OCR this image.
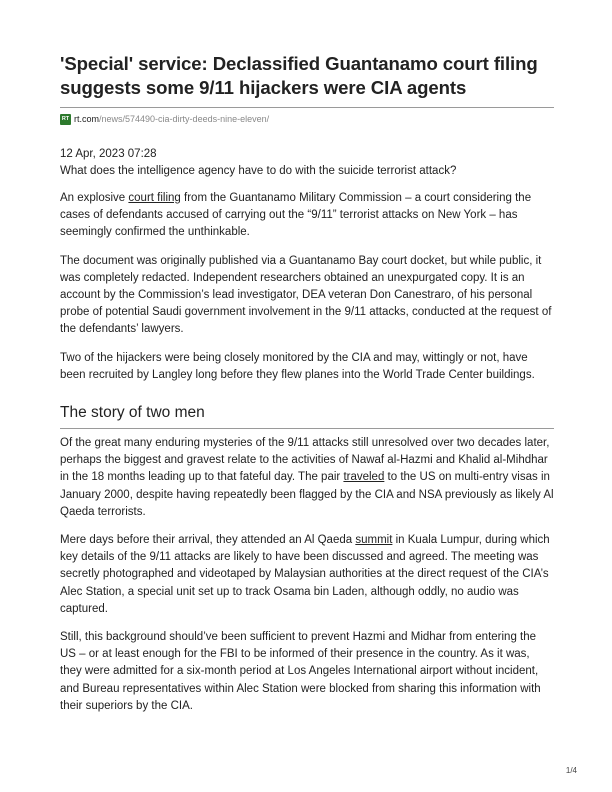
'Special' service: Declassified Guantanamo court filing suggests some 9/11 hijackers were CIA agents
RT rt.com /news/574490-cia-dirty-deeds-nine-eleven/
12 Apr, 2023 07:28
What does the intelligence agency have to do with the suicide terrorist attack?

An explosive court filing from the Guantanamo Military Commission – a court considering the cases of defendants accused of carrying out the “9/11” terrorist attacks on New York – has seemingly confirmed the unthinkable.

The document was originally published via a Guantanamo Bay court docket, but while public, it was completely redacted. Independent researchers obtained an unexpurgated copy. It is an account by the Commission’s lead investigator, DEA veteran Don Canestraro, of his personal probe of potential Saudi government involvement in the 9/11 attacks, conducted at the request of the defendants’ lawyers.

Two of the hijackers were being closely monitored by the CIA and may, wittingly or not, have been recruited by Langley long before they flew planes into the World Trade Center buildings.

The story of two men

Of the great many enduring mysteries of the 9/11 attacks still unresolved over two decades later, perhaps the biggest and gravest relate to the activities of Nawaf al-Hazmi and Khalid al-Mihdhar in the 18 months leading up to that fateful day. The pair traveled to the US on multi-entry visas in January 2000, despite having repeatedly been flagged by the CIA and NSA previously as likely Al Qaeda terrorists.

Mere days before their arrival, they attended an Al Qaeda summit in Kuala Lumpur, during which key details of the 9/11 attacks are likely to have been discussed and agreed. The meeting was secretly photographed and videotaped by Malaysian authorities at the direct request of the CIA’s Alec Station, a special unit set up to track Osama bin Laden, although oddly, no audio was captured.

Still, this background should’ve been sufficient to prevent Hazmi and Midhar from entering the US – or at least enough for the FBI to be informed of their presence in the country. As it was, they were admitted for a six-month period at Los Angeles International airport without incident, and Bureau representatives within Alec Station were blocked from sharing this information with their superiors by the CIA.

1/4
